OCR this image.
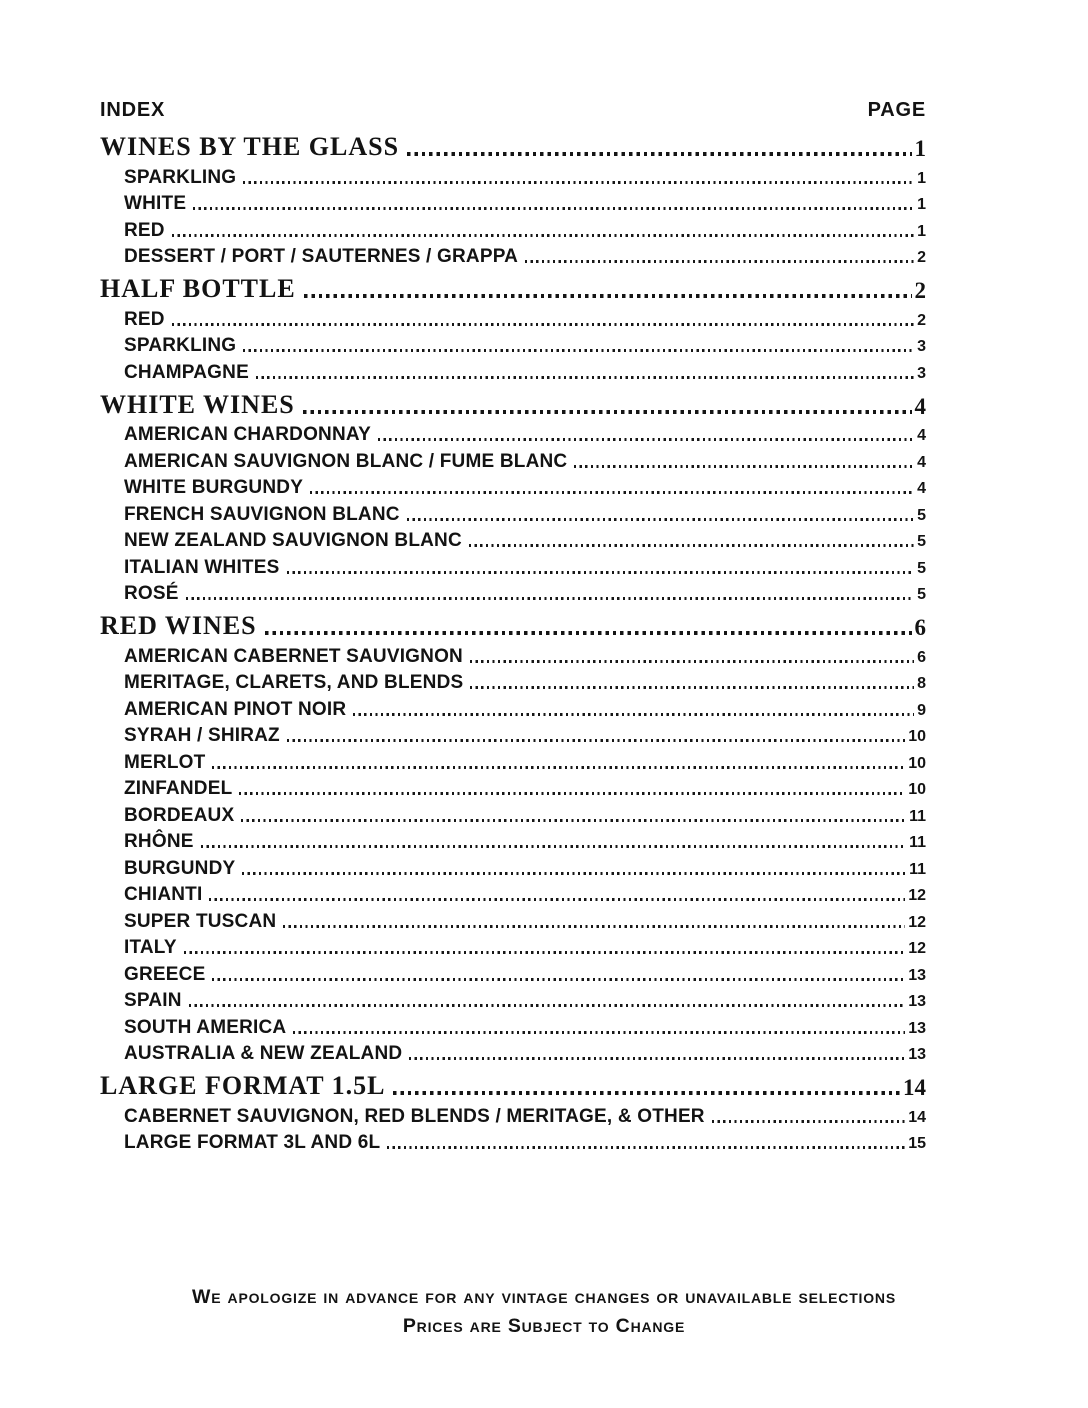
INDEX	PAGE
WINES BY THE GLASS	1
SPARKLING	1
WHITE	1
RED	1
DESSERT / PORT / SAUTERNES / GRAPPA	2
HALF BOTTLE	2
RED	2
SPARKLING	3
CHAMPAGNE	3
WHITE WINES	4
AMERICAN CHARDONNAY	4
AMERICAN SAUVIGNON BLANC / FUME BLANC	4
WHITE BURGUNDY	4
FRENCH SAUVIGNON BLANC	5
NEW ZEALAND SAUVIGNON BLANC	5
ITALIAN WHITES	5
ROSÉ	5
RED WINES	6
AMERICAN CABERNET SAUVIGNON	6
MERITAGE, CLARETS, AND BLENDS	8
AMERICAN PINOT NOIR	9
SYRAH / SHIRAZ	10
MERLOT	10
ZINFANDEL	10
BORDEAUX	11
RHÔNE	11
BURGUNDY	11
CHIANTI	12
SUPER TUSCAN	12
ITALY	12
GREECE	13
SPAIN	13
SOUTH AMERICA	13
AUSTRALIA & NEW ZEALAND	13
LARGE FORMAT 1.5L	14
CABERNET SAUVIGNON, RED BLENDS / MERITAGE, & OTHER	14
LARGE FORMAT 3L AND 6L	15
We apologize in advance for any vintage changes or unavailable selections
Prices are Subject to Change
